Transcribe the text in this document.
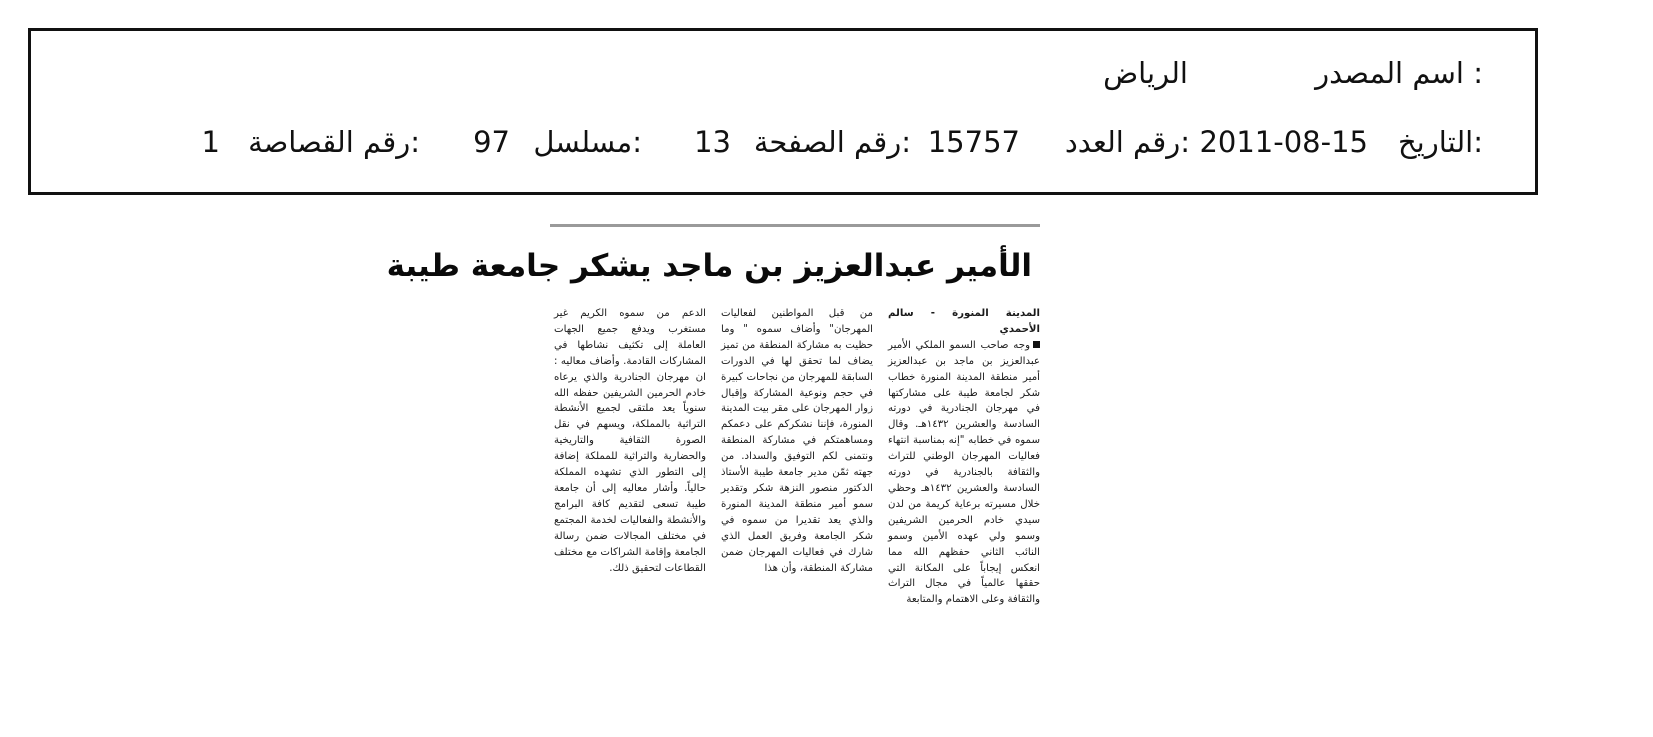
اسم المصدر :
الرياض
التاريخ:
2011-08-15
رقم العدد:
15757
رقم الصفحة:
13
مسلسل:
97
رقم القصاصة:
1
الأمير عبدالعزيز بن ماجد يشكر جامعة طيبة

المدينة المنورة - سالم الأحمدي

وجه صاحب السمو الملكي الأمير عبدالعزيز بن ماجد بن عبدالعزيز أمير منطقة المدينة المنورة خطاب شكر لجامعة طيبة على مشاركتها في مهرجان الجنادرية في دورته السادسة والعشرين ١٤٣٢هـ. وقال سموه في خطابه "إنه بمناسبة انتهاء فعاليات المهرجان الوطني للتراث والثقافة بالجنادرية في دورته السادسة والعشرين ١٤٣٢هـ وحظي خلال مسيرته برعاية كريمة من لدن سيدي خادم الحرمين الشريفين وسمو ولي عهده الأمين وسمو النائب الثاني حفظهم الله مما انعكس إيجاباً على المكانة التي حققها عالمياً في مجال التراث والثقافة وعلى الاهتمام والمتابعة

من قبل المواطنين لفعاليات المهرجان" وأضاف سموه " وما حظيت به مشاركة المنطقة من تميز يضاف لما تحقق لها في الدورات السابقة للمهرجان من نجاحات كبيرة في حجم ونوعية المشاركة وإقبال زوار المهرجان على مقر بيت المدينة المنورة، فإننا نشكركم على دعمكم ومساهمتكم في مشاركة المنطقة ونتمنى لكم التوفيق والسداد. من جهته ثمّن مدير جامعة طيبة الأستاذ الدكتور منصور النزهة شكر وتقدير سمو أمير منطقة المدينة المنورة والذي يعد تقديرا من سموه في شكر الجامعة وفريق العمل الذي شارك في فعاليات المهرجان ضمن مشاركة المنطقة، وأن هذا

الدعم من سموه الكريم غير مستغرب ويدفع جميع الجهات العاملة إلى تكثيف نشاطها في المشاركات القادمة. وأضاف معاليه : ان مهرجان الجنادرية والذي يرعاه خادم الحرمين الشريفين حفظه الله سنوياً يعد ملتقى لجميع الأنشطة التراثية بالمملكة، ويسهم في نقل الصورة الثقافية والتاريخية والحضارية والتراثية للمملكة إضافة إلى التطور الذي تشهده المملكة حالياً. وأشار معاليه إلى أن جامعة طيبة تسعى لتقديم كافة البرامج والأنشطة والفعاليات لخدمة المجتمع في مختلف المجالات ضمن رسالة الجامعة وإقامة الشراكات مع مختلف القطاعات لتحقيق ذلك.
